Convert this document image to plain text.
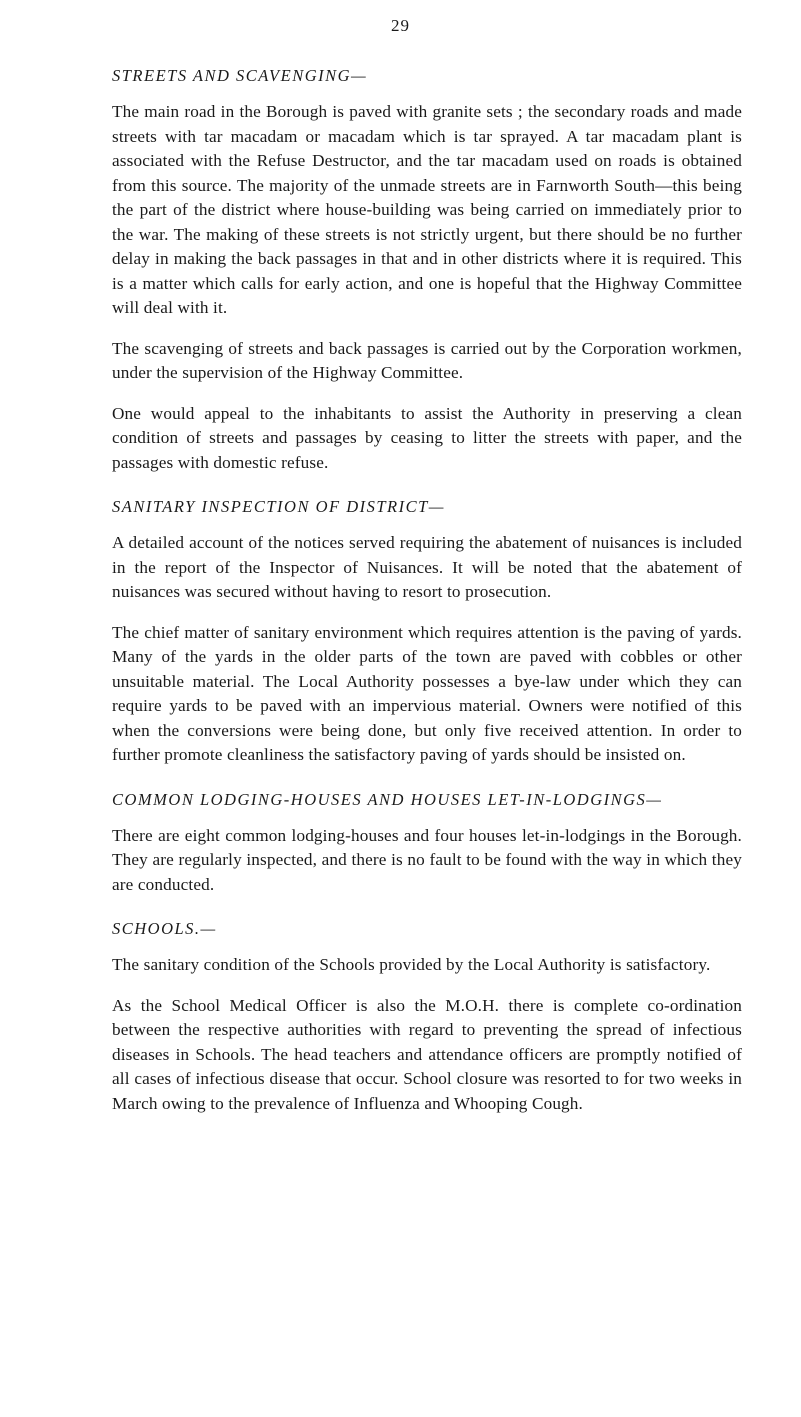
29
STREETS AND SCAVENGING—

The main road in the Borough is paved with granite sets ; the secondary roads and made streets with tar macadam or macadam which is tar sprayed. A tar macadam plant is associated with the Refuse Destructor, and the tar macadam used on roads is obtained from this source. The majority of the unmade streets are in Farnworth South—this being the part of the district where house-building was being carried on immediately prior to the war. The making of these streets is not strictly urgent, but there should be no further delay in making the back passages in that and in other districts where it is required. This is a matter which calls for early action, and one is hopeful that the Highway Committee will deal with it.

The scavenging of streets and back passages is carried out by the Corporation workmen, under the supervision of the Highway Committee.

One would appeal to the inhabitants to assist the Authority in preserving a clean condition of streets and passages by ceasing to litter the streets with paper, and the passages with domestic refuse.

SANITARY INSPECTION OF DISTRICT—

A detailed account of the notices served requiring the abatement of nuisances is included in the report of the Inspector of Nuisances. It will be noted that the abatement of nuisances was secured without having to resort to prosecution.

The chief matter of sanitary environment which requires attention is the paving of yards. Many of the yards in the older parts of the town are paved with cobbles or other unsuitable material. The Local Authority possesses a bye-law under which they can require yards to be paved with an impervious material. Owners were notified of this when the conversions were being done, but only five received attention. In order to further promote cleanliness the satisfactory paving of yards should be insisted on.

COMMON LODGING-HOUSES AND HOUSES LET-IN-LODGINGS—

There are eight common lodging-houses and four houses let-in-lodgings in the Borough. They are regularly inspected, and there is no fault to be found with the way in which they are conducted.

SCHOOLS.—

The sanitary condition of the Schools provided by the Local Authority is satisfactory.

As the School Medical Officer is also the M.O.H. there is complete co-ordination between the respective authorities with regard to preventing the spread of infectious diseases in Schools. The head teachers and attendance officers are promptly notified of all cases of infectious disease that occur. School closure was resorted to for two weeks in March owing to the prevalence of Influenza and Whooping Cough.
